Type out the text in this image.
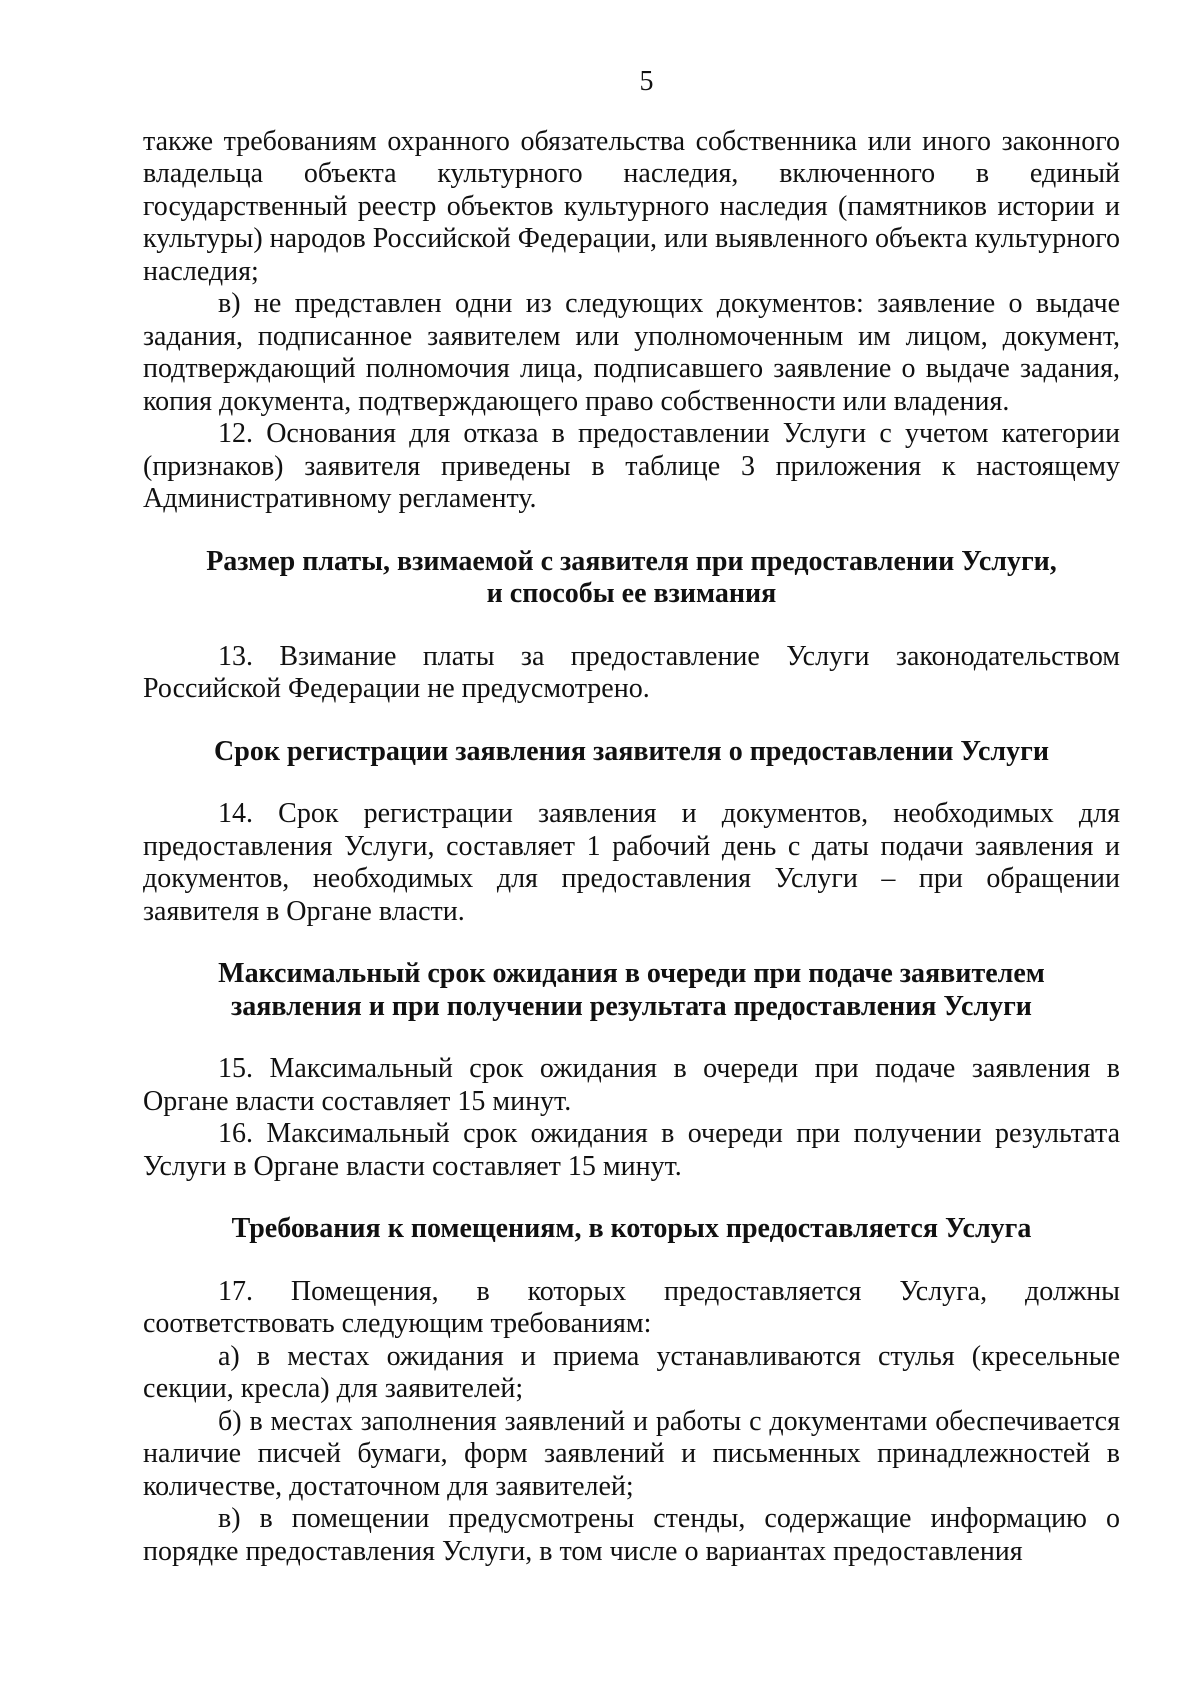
5

также требованиям охранного обязательства собственника или иного законного владельца объекта культурного наследия, включенного в единый государственный реестр объектов культурного наследия (памятников истории и культуры) народов Российской Федерации, или выявленного объекта культурного наследия;

в) не представлен одни из следующих документов: заявление о выдаче задания, подписанное заявителем или уполномоченным им лицом, документ, подтверждающий полномочия лица, подписавшего заявление о выдаче задания, копия документа, подтверждающего право собственности или владения.

12. Основания для отказа в предоставлении Услуги с учетом категории (признаков) заявителя приведены в таблице 3 приложения к настоящему Административному регламенту.

Размер платы, взимаемой с заявителя при предоставлении Услуги, и способы ее взимания

13. Взимание платы за предоставление Услуги законодательством Российской Федерации не предусмотрено.

Срок регистрации заявления заявителя о предоставлении Услуги

14. Срок регистрации заявления и документов, необходимых для предоставления Услуги, составляет 1 рабочий день с даты подачи заявления и документов, необходимых для предоставления Услуги – при обращении заявителя в Органе власти.

Максимальный срок ожидания в очереди при подаче заявителем заявления и при получении результата предоставления Услуги

15. Максимальный срок ожидания в очереди при подаче заявления в Органе власти составляет 15 минут.

16. Максимальный срок ожидания в очереди при получении результата Услуги в Органе власти составляет 15 минут.

Требования к помещениям, в которых предоставляется Услуга

17. Помещения, в которых предоставляется Услуга, должны соответствовать следующим требованиям:

а) в местах ожидания и приема устанавливаются стулья (кресельные секции, кресла) для заявителей;

б) в местах заполнения заявлений и работы с документами обеспечивается наличие писчей бумаги, форм заявлений и письменных принадлежностей в количестве, достаточном для заявителей;

в) в помещении предусмотрены стенды, содержащие информацию о порядке предоставления Услуги, в том числе о вариантах предоставления
